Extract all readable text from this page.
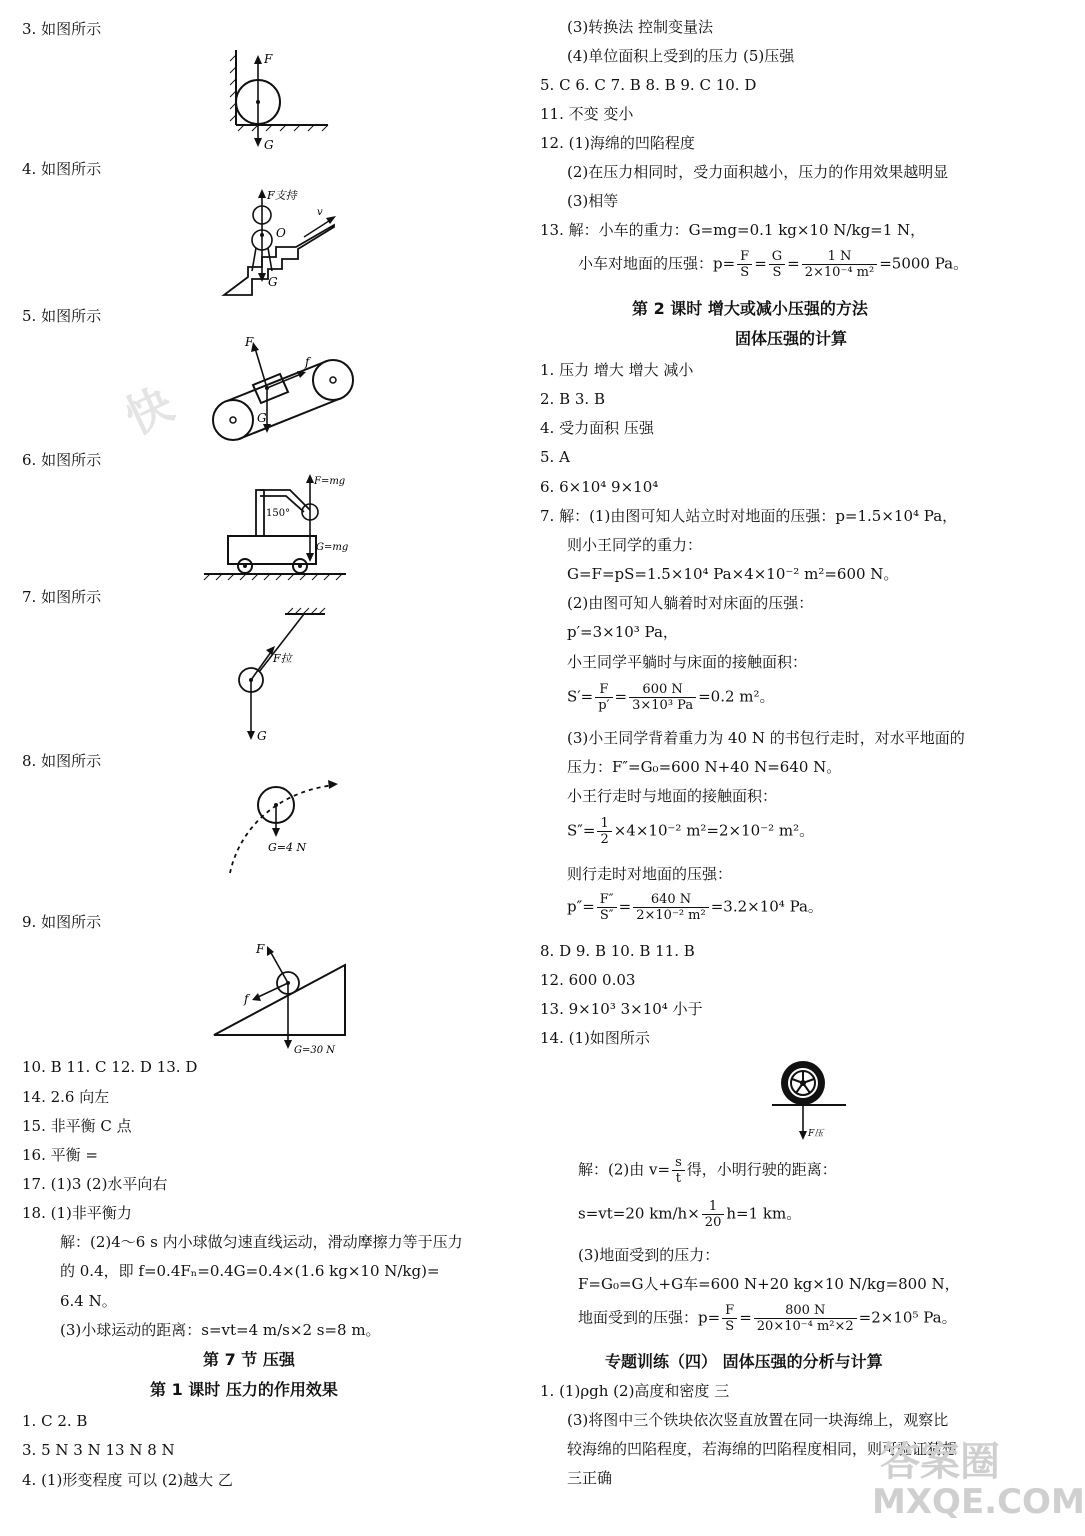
3. 如图所示
F
G
4. 如图所示
F支持
O
v
G
5. 如图所示
F
f
G
6. 如图所示
F=mg
150°
G=mg
7. 如图所示
F拉
G
8. 如图所示
G=4 N
9. 如图所示
F
f
G=30 N
10. B 11. C 12. D 13. D
14. 2.6 向左
15. 非平衡 C 点
16. 平衡 =
17. (1)3 (2)水平向右
18. (1)非平衡力
解：(2)4～6 s 内小球做匀速直线运动，滑动摩擦力等于压力
的 0.4，即 f=0.4Fₙ=0.4G=0.4×(1.6 kg×10 N/kg)=
6.4 N。
(3)小球运动的距离：s=vt=4 m/s×2 s=8 m。
第 7 节 压强
第 1 课时 压力的作用效果
1. C 2. B
3. 5 N 3 N 13 N 8 N
4. (1)形变程度 可以 (2)越大 乙
(3)转换法 控制变量法
(4)单位面积上受到的压力 (5)压强
5. C 6. C 7. B 8. B 9. C 10. D
11. 不变 变小
12. (1)海绵的凹陷程度
(2)在压力相同时，受力面积越小，压力的作用效果越明显
(3)相等
13. 解：小车的重力：G=mg=0.1 kg×10 N/kg=1 N，
小车对地面的压强：$p= \frac{F}{S} = \frac{G}{S} = \frac{1 N}{\text{2×10⁻⁴ m²}} =5000$ Pa。
第 2 课时 增大或减小压强的方法
固体压强的计算
1. 压力 增大 增大 减小
2. B 3. B
4. 受力面积 压强
5. A
6. 6×10⁴ 9×10⁴
7. 解：(1)由图可知人站立时对地面的压强：p=1.5×10⁴ Pa，
则小王同学的重力：
G=F=pS=1.5×10⁴ Pa×4×10⁻² m²=600 N。
(2)由图可知人躺着时对床面的压强：
p′=3×10³ Pa，
小王同学平躺时与床面的接触面积：
$S'= \frac{F}{p'} = \frac{600 N}{\text{3×10³ Pa}} =0.2$ m²。
(3)小王同学背着重力为 40 N 的书包行走时，对水平地面的
压力：F″=G₀=600 N+40 N=640 N。
小王行走时与地面的接触面积：
$S''= \frac{1}{2} \times 4\times 10^{-2}$ m²=2×10⁻² m²。
则行走时对地面的压强：
$p''= \frac{F''}{S''} = \frac{640 N}{\text{2×10⁻² m²}} =3.2\times 10^4$ Pa。
8. D 9. B 10. B 11. B
12. 600 0.03
13. 9×10³ 3×10⁴ 小于
14. (1)如图所示
F压
解：(2)由 $v= \frac{s}{t}$ 得，小明行驶的距离：
s=vt=20 $km/h\times \frac{1}{20} h=1$ km。
(3)地面受到的压力：
F=G₀=G人+G车=600 N+20 kg×10 N/kg=800 N，
地面受到的压强：$p= \frac{F}{S} = \frac{800 N}{\text{20×10⁻⁴ m²×2}} =2\times 10^5$ Pa。
专题训练（四） 固体压强的分析与计算
1. (1)ρgh (2)高度和密度 三
(3)将图中三个铁块依次竖直放置在同一块海绵上，观察比
较海绵的凹陷程度，若海绵的凹陷程度相同，则可验证猜想
三正确
快
答案圈
MXQE.COM
